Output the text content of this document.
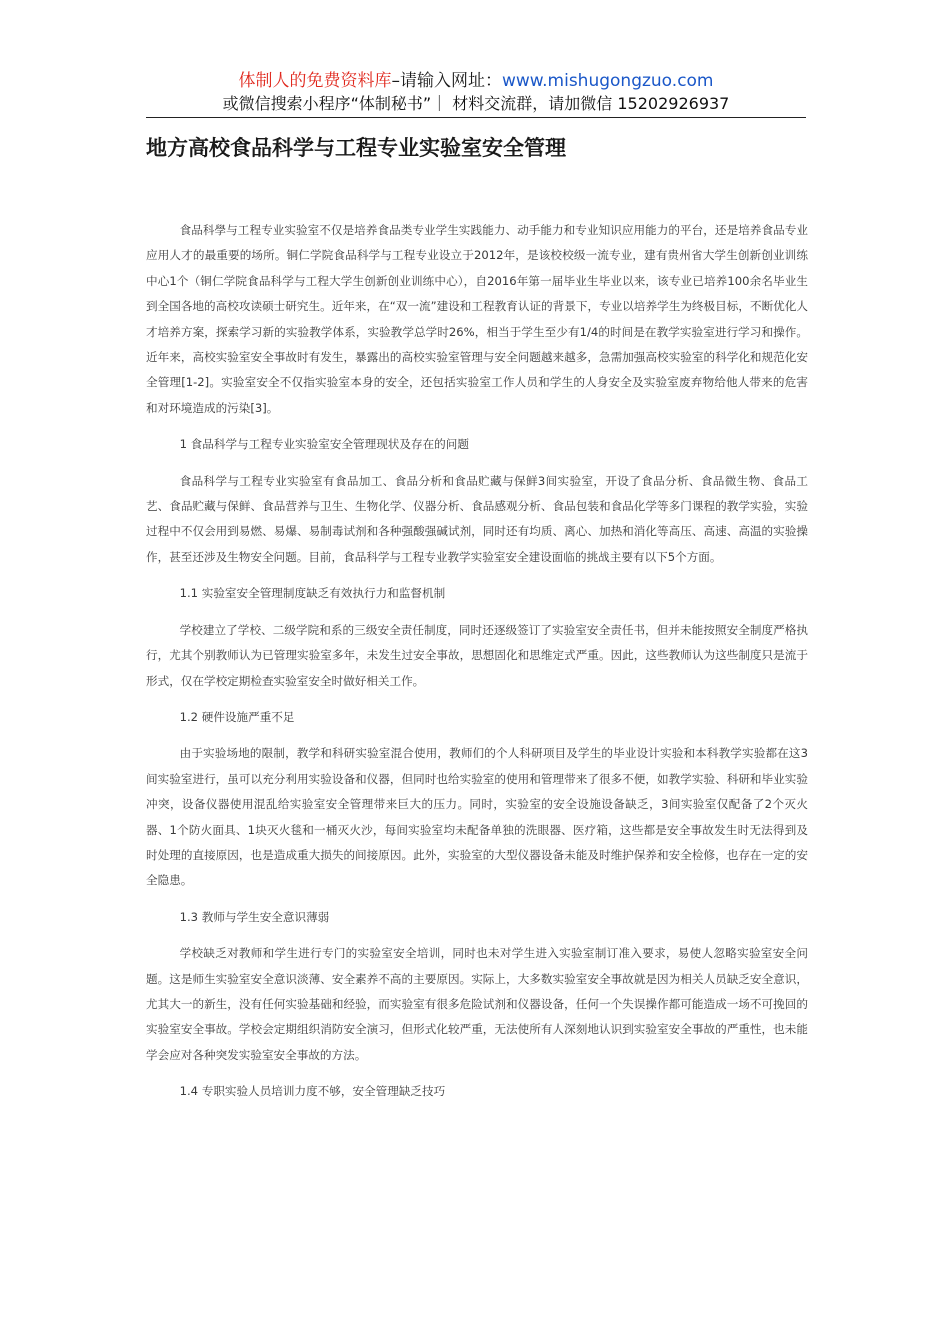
体制人的免费资料库–请输入网址：www.mishugongzuo.com
或微信搜索小程序“体制秘书”｜ 材料交流群，请加微信 15202926937
地方高校食品科学与工程专业实验室安全管理

食品科學与工程专业实验室不仅是培养食品类专业学生实践能力、动手能力和专业知识应用能力的平台，还是培养食品专业应用人才的最重要的场所。铜仁学院食品科学与工程专业设立于2012年，是该校校级一流专业，建有贵州省大学生创新创业训练中心1个（铜仁学院食品科学与工程大学生创新创业训练中心），自2016年第一届毕业生毕业以来，该专业已培养100余名毕业生到全国各地的高校攻读硕士研究生。近年来，在“双一流”建设和工程教育认证的背景下，专业以培养学生为终极目标，不断优化人才培养方案，探索学习新的实验教学体系，实验教学总学时26%，相当于学生至少有1/4的时间是在教学实验室进行学习和操作。近年来，高校实验室安全事故时有发生，暴露出的高校实验室管理与安全问题越来越多，急需加强高校实验室的科学化和规范化安全管理[1-2]。实验室安全不仅指实验室本身的安全，还包括实验室工作人员和学生的人身安全及实验室废弃物给他人带来的危害和对环境造成的污染[3]。

1 食品科学与工程专业实验室安全管理现状及存在的问题

食品科学与工程专业实验室有食品加工、食品分析和食品贮藏与保鲜3间实验室，开设了食品分析、食品微生物、食品工艺、食品贮藏与保鲜、食品营养与卫生、生物化学、仪器分析、食品感观分析、食品包装和食品化学等多门课程的教学实验，实验过程中不仅会用到易燃、易爆、易制毒试剂和各种强酸强碱试剂，同时还有均质、离心、加热和消化等高压、高速、高温的实验操作，甚至还涉及生物安全问题。目前，食品科学与工程专业教学实验室安全建设面临的挑战主要有以下5个方面。

1.1 实验室安全管理制度缺乏有效执行力和监督机制

学校建立了学校、二级学院和系的三级安全责任制度，同时还逐级签订了实验室安全责任书，但并未能按照安全制度严格执行，尤其个别教师认为已管理实验室多年，未发生过安全事故，思想固化和思维定式严重。因此，这些教师认为这些制度只是流于形式，仅在学校定期检查实验室安全时做好相关工作。

1.2 硬件设施严重不足

由于实验场地的限制，教学和科研实验室混合使用，教师们的个人科研项目及学生的毕业设计实验和本科教学实验都在这3间实验室进行，虽可以充分利用实验设备和仪器，但同时也给实验室的使用和管理带来了很多不便，如教学实验、科研和毕业实验冲突，设备仪器使用混乱给实验室安全管理带来巨大的压力。同时，实验室的安全设施设备缺乏，3间实验室仅配备了2个灭火器、1个防火面具、1块灭火毯和一桶灭火沙，每间实验室均未配备单独的洗眼器、医疗箱，这些都是安全事故发生时无法得到及时处理的直接原因，也是造成重大损失的间接原因。此外，实验室的大型仪器设备未能及时维护保养和安全检修，也存在一定的安全隐患。

1.3 教师与学生安全意识薄弱

学校缺乏对教师和学生进行专门的实验室安全培训，同时也未对学生进入实验室制订准入要求，易使人忽略实验室安全问题。这是师生实验室安全意识淡薄、安全素养不高的主要原因。实际上，大多数实验室安全事故就是因为相关人员缺乏安全意识，尤其大一的新生，没有任何实验基础和经验，而实验室有很多危险试剂和仪器设备，任何一个失误操作都可能造成一场不可挽回的实验室安全事故。学校会定期组织消防安全演习，但形式化较严重，无法使所有人深刻地认识到实验室安全事故的严重性，也未能学会应对各种突发实验室安全事故的方法。

1.4 专职实验人员培训力度不够，安全管理缺乏技巧
